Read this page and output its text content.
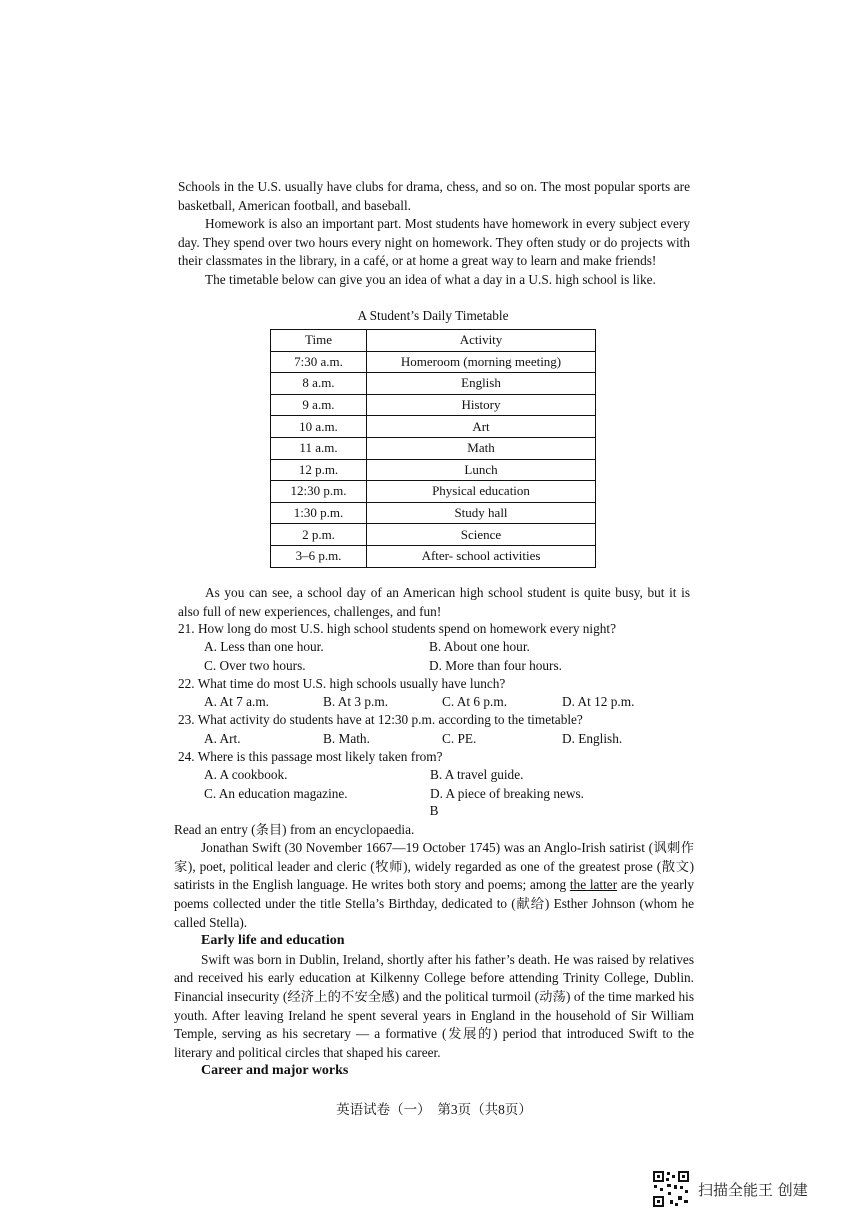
Schools in the U.S. usually have clubs for drama, chess, and so on. The most popular sports are basketball, American football, and baseball.

Homework is also an important part. Most students have homework in every subject every day. They spend over two hours every night on homework. They often study or do projects with their classmates in the library, in a café, or at home a great way to learn and make friends!

The timetable below can give you an idea of what a day in a U.S. high school is like.

A Student’s Daily Timetable
Time	Activity
7:30 a.m.	Homeroom (morning meeting)
8 a.m.	English
9 a.m.	History
10 a.m.	Art
11 a.m.	Math
12 p.m.	Lunch
12:30 p.m.	Physical education
1:30 p.m.	Study hall
2 p.m.	Science
3–6 p.m.	After- school activities
As you can see, a school day of an American high school student is quite busy, but it is also full of new experiences, challenges, and fun!

21. How long do most U.S. high school students spend on homework every night?

A. Less than one hour.	B. About one hour.
C. Over two hours.	D. More than four hours.

22. What time do most U.S. high schools usually have lunch?

A. At 7 a.m.	B. At 3 p.m.	C. At 6 p.m.	D. At 12 p.m.

23. What activity do students have at 12:30 p.m. according to the timetable?

A. Art.	B. Math.	C. PE.	D. English.

24. Where is this passage most likely taken from?

A. A cookbook.	B. A travel guide.
C. An education magazine.	D. A piece of breaking news.

B

Read an entry (条目) from an encyclopaedia.

Jonathan Swift (30 November 1667—19 October 1745) was an Anglo-Irish satirist (讽刺作家), poet, political leader and cleric (牧师), widely regarded as one of the greatest prose (散文) satirists in the English language. He writes both story and poems; among the latter are the yearly poems collected under the title Stella’s Birthday, dedicated to (献给) Esther Johnson (whom he called Stella).

Early life and education

Swift was born in Dublin, Ireland, shortly after his father’s death. He was raised by relatives and received his early education at Kilkenny College before attending Trinity College, Dublin. Financial insecurity (经济上的不安全感) and the political turmoil (动荡) of the time marked his youth. After leaving Ireland he spent several years in England in the household of Sir William Temple, serving as his secretary — a formative (发展的) period that introduced Swift to the literary and political circles that shaped his career.

Career and major works

英语试卷（一）　第3页（共8页）
扫描全能王 创建
